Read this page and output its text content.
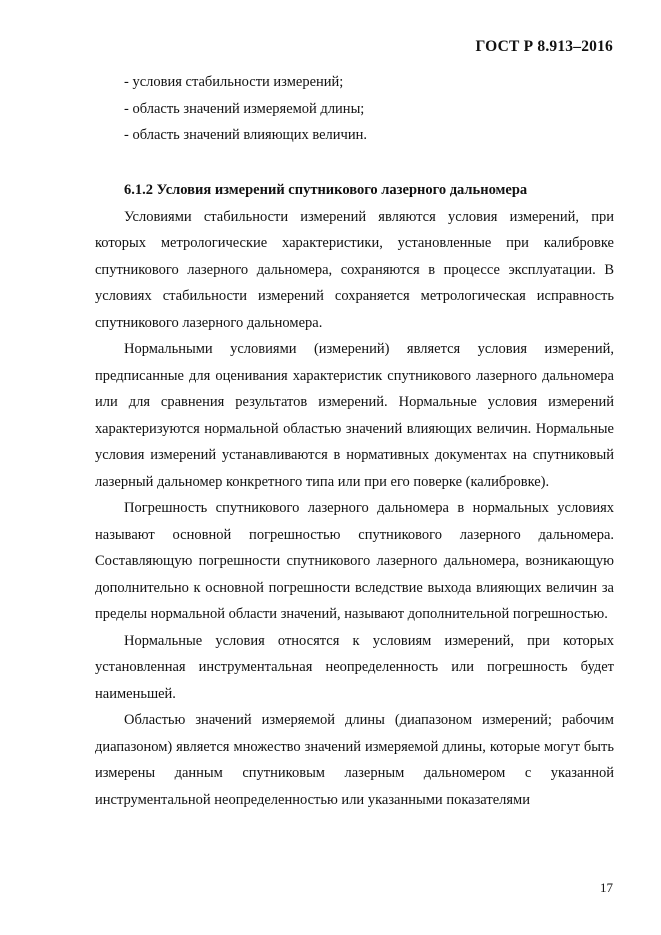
ГОСТ Р 8.913–2016
- условия стабильности измерений;
- область значений измеряемой длины;
- область значений влияющих величин.

6.1.2 Условия измерений спутникового лазерного дальномера

Условиями стабильности измерений являются условия измерений, при которых метрологические характеристики, установленные при калибровке спутникового лазерного дальномера, сохраняются в процессе эксплуатации. В условиях стабильности измерений сохраняется метрологическая исправность спутникового лазерного дальномера.

Нормальными условиями (измерений) является условия измерений, предписанные для оценивания характеристик спутникового лазерного дальномера или для сравнения результатов измерений. Нормальные условия измерений характеризуются нормальной областью значений влияющих величин. Нормальные условия измерений устанавливаются в нормативных документах на спутниковый лазерный дальномер конкретного типа или при его поверке (калибровке).

Погрешность спутникового лазерного дальномера в нормальных условиях называют основной погрешностью спутникового лазерного дальномера. Составляющую погрешности спутникового лазерного дальномера, возникающую дополнительно к основной погрешности вследствие выхода влияющих величин за пределы нормальной области значений, называют дополнительной погрешностью.

Нормальные условия относятся к условиям измерений, при которых установленная инструментальная неопределенность или погрешность будет наименьшей.

Областью значений измеряемой длины (диапазоном измерений; рабочим диапазоном) является множество значений измеряемой длины, которые могут быть измерены данным спутниковым лазерным дальномером с указанной инструментальной неопределенностью или указанными показателями

17
